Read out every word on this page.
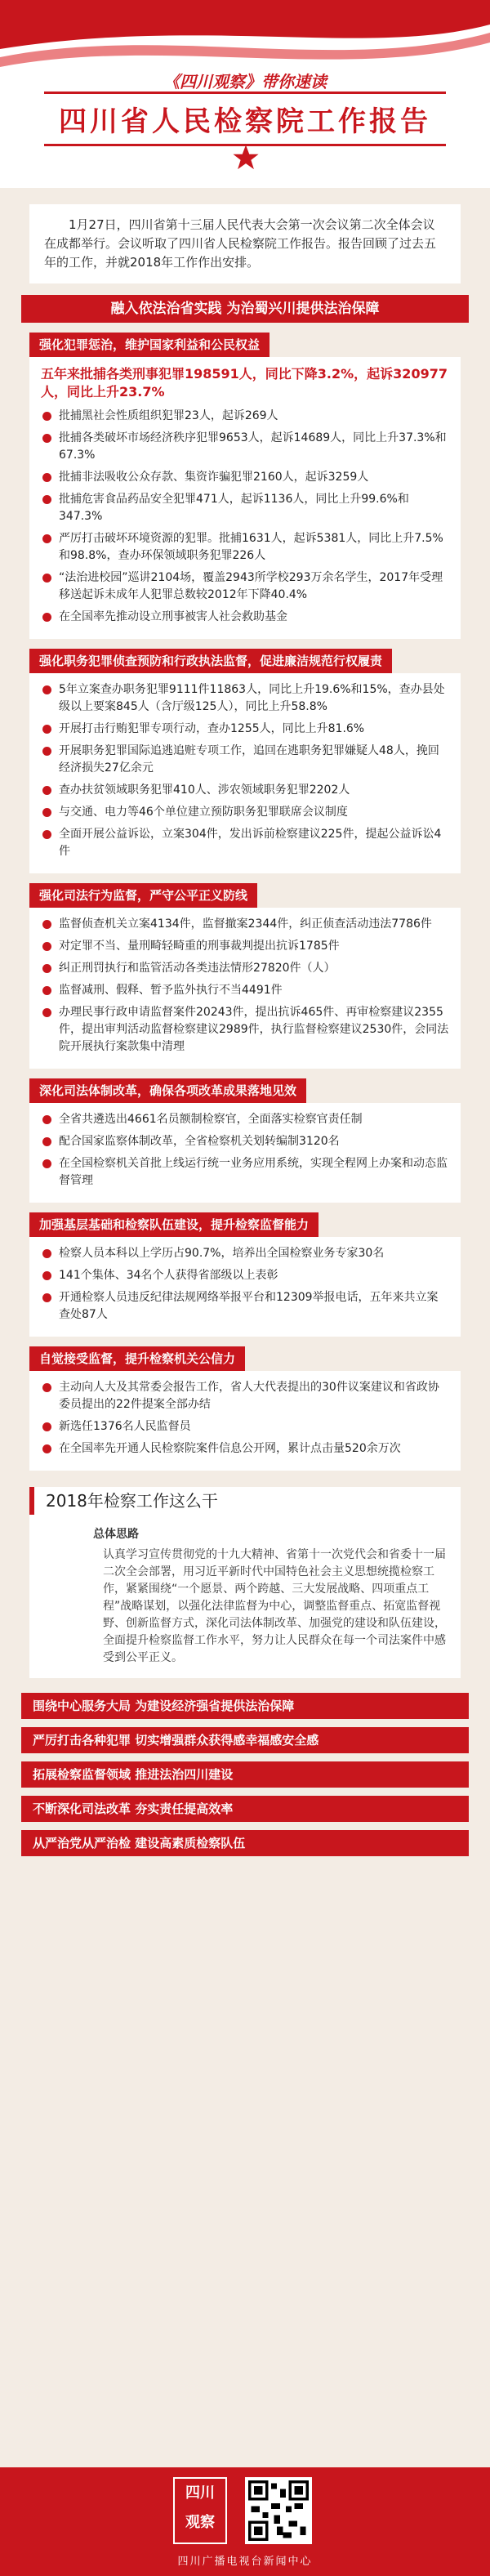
《四川观察》带你速读
四川省人民检察院工作报告
1月27日，四川省第十三届人民代表大会第一次会议第二次全体会议在成都举行。会议听取了四川省人民检察院工作报告。报告回顾了过去五年的工作，并就2018年工作作出安排。
融入依法治省实践 为治蜀兴川提供法治保障
强化犯罪惩治，维护国家利益和公民权益
五年来批捕各类刑事犯罪198591人，同比下降3.2%，起诉320977人，同比上升23.7%
批捕黑社会性质组织犯罪23人，起诉269人
批捕各类破坏市场经济秩序犯罪9653人，起诉14689人，同比上升37.3%和67.3%
批捕非法吸收公众存款、集资诈骗犯罪2160人，起诉3259人
批捕危害食品药品安全犯罪471人，起诉1136人，同比上升99.6%和347.3%
严厉打击破坏环境资源的犯罪。批捕1631人，起诉5381人，同比上升7.5%和98.8%，查办环保领域职务犯罪226人
“法治进校园”巡讲2104场，覆盖2943所学校293万余名学生，2017年受理移送起诉未成年人犯罪总数较2012年下降40.4%
在全国率先推动设立刑事被害人社会救助基金
强化职务犯罪侦查预防和行政执法监督，促进廉洁规范行权履责
5年立案查办职务犯罪9111件11863人，同比上升19.6%和15%，查办县处级以上要案845人（含厅级125人），同比上升58.8%
开展打击行贿犯罪专项行动，查办1255人，同比上升81.6%
开展职务犯罪国际追逃追赃专项工作，追回在逃职务犯罪嫌疑人48人，挽回经济损失27亿余元
查办扶贫领域职务犯罪410人、涉农领域职务犯罪2202人
与交通、电力等46个单位建立预防职务犯罪联席会议制度
全面开展公益诉讼，立案304件，发出诉前检察建议225件，提起公益诉讼4件
强化司法行为监督，严守公平正义防线
监督侦查机关立案4134件，监督撤案2344件，纠正侦查活动违法7786件
对定罪不当、量刑畸轻畸重的刑事裁判提出抗诉1785件
纠正刑罚执行和监管活动各类违法情形27820件（人）
监督减刑、假释、暂予监外执行不当4491件
办理民事行政申请监督案件20243件，提出抗诉465件、再审检察建议2355件，提出审判活动监督检察建议2989件，执行监督检察建议2530件，会同法院开展执行案款集中清理
深化司法体制改革，确保各项改革成果落地见效
全省共遴选出4661名员额制检察官，全面落实检察官责任制
配合国家监察体制改革，全省检察机关划转编制3120名
在全国检察机关首批上线运行统一业务应用系统，实现全程网上办案和动态监督管理
加强基层基础和检察队伍建设，提升检察监督能力
检察人员本科以上学历占90.7%，培养出全国检察业务专家30名
141个集体、34名个人获得省部级以上表彰
开通检察人员违反纪律法规网络举报平台和12309举报电话，五年来共立案查处87人
自觉接受监督，提升检察机关公信力
主动向人大及其常委会报告工作，省人大代表提出的30件议案建议和省政协委员提出的22件提案全部办结
新选任1376名人民监督员
在全国率先开通人民检察院案件信息公开网，累计点击量520余万次
2018年检察工作这么干
总体思路
认真学习宣传贯彻党的十九大精神、省第十一次党代会和省委十一届二次全会部署，用习近平新时代中国特色社会主义思想统揽检察工作，紧紧围绕“一个愿景、两个跨越、三大发展战略、四项重点工程”战略谋划，以强化法律监督为中心，调整监督重点、拓宽监督视野、创新监督方式，深化司法体制改革、加强党的建设和队伍建设，全面提升检察监督工作水平，努力让人民群众在每一个司法案件中感受到公平正义。
围绕中心服务大局 为建设经济强省提供法治保障
严厉打击各种犯罪 切实增强群众获得感幸福感安全感
拓展检察监督领域 推进法治四川建设
不断深化司法改革 夯实责任提高效率
从严治党从严治检 建设高素质检察队伍
四川
观察
四川广播电视台新闻中心
